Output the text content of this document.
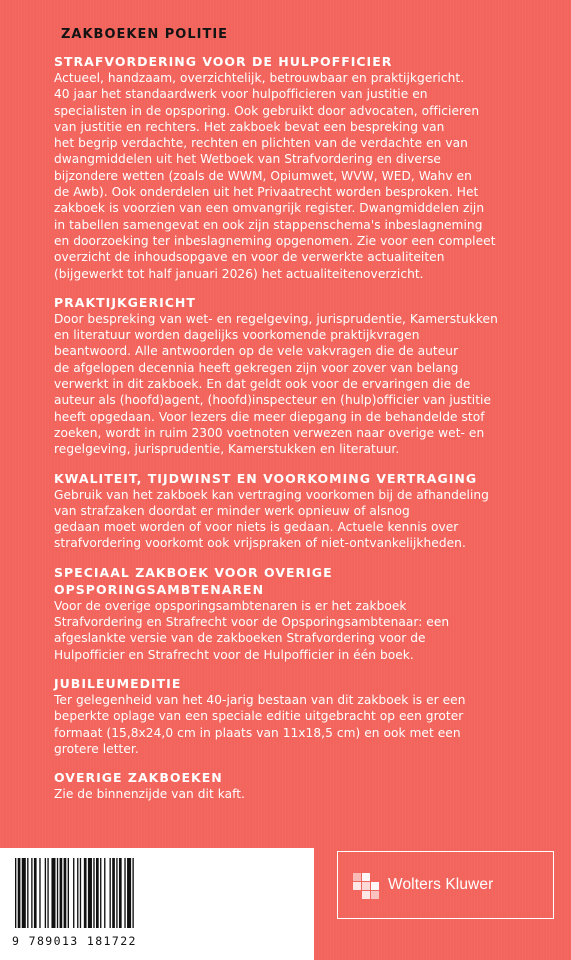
ZAKBOEKEN POLITIE
STRAFVORDERING VOOR DE HULPOFFICIER

Actueel, handzaam, overzichtelijk, betrouwbaar en praktijkgericht.
40 jaar het standaardwerk voor hulpofficieren van justitie en
specialisten in de opsporing. Ook gebruikt door advocaten, officieren
van justitie en rechters. Het zakboek bevat een bespreking van
het begrip verdachte, rechten en plichten van de verdachte en van
dwangmiddelen uit het Wetboek van Strafvordering en diverse
bijzondere wetten (zoals de WWM, Opiumwet, WVW, WED, Wahv en
de Awb). Ook onderdelen uit het Privaatrecht worden besproken. Het
zakboek is voorzien van een omvangrijk register. Dwangmiddelen zijn
in tabellen samengevat en ook zijn stappenschema's inbeslagneming
en doorzoeking ter inbeslagneming opgenomen. Zie voor een compleet
overzicht de inhoudsopgave en voor de verwerkte actualiteiten
(bijgewerkt tot half januari 2026) het actualiteitenoverzicht.

PRAKTIJKGERICHT

Door bespreking van wet- en regelgeving, jurisprudentie, Kamerstukken
en literatuur worden dagelijks voorkomende praktijkvragen
beantwoord. Alle antwoorden op de vele vakvragen die de auteur
de afgelopen decennia heeft gekregen zijn voor zover van belang
verwerkt in dit zakboek. En dat geldt ook voor de ervaringen die de
auteur als (hoofd)agent, (hoofd)inspecteur en (hulp)officier van justitie
heeft opgedaan. Voor lezers die meer diepgang in de behandelde stof
zoeken, wordt in ruim 2300 voetnoten verwezen naar overige wet- en
regelgeving, jurisprudentie, Kamerstukken en literatuur.

KWALITEIT, TIJDWINST EN VOORKOMING VERTRAGING

Gebruik van het zakboek kan vertraging voorkomen bij de afhandeling
van strafzaken doordat er minder werk opnieuw of alsnog
gedaan moet worden of voor niets is gedaan. Actuele kennis over
strafvordering voorkomt ook vrijspraken of niet-ontvankelijkheden.

SPECIAAL ZAKBOEK VOOR OVERIGE OPSPORINGSAMBTENAREN

Voor de overige opsporingsambtenaren is er het zakboek
Strafvordering en Strafrecht voor de Opsporingsambtenaar: een
afgeslankte versie van de zakboeken Strafvordering voor de
Hulpofficier en Strafrecht voor de Hulpofficier in één boek.

JUBILEUMEDITIE

Ter gelegenheid van het 40-jarig bestaan van dit zakboek is er een
beperkte oplage van een speciale editie uitgebracht op een groter
formaat (15,8x24,0 cm in plaats van 11x18,5 cm) en ook met een
grotere letter.

OVERIGE ZAKBOEKEN

Zie de binnenzijde van dit kaft.

9 789013 181722
Wolters Kluwer
